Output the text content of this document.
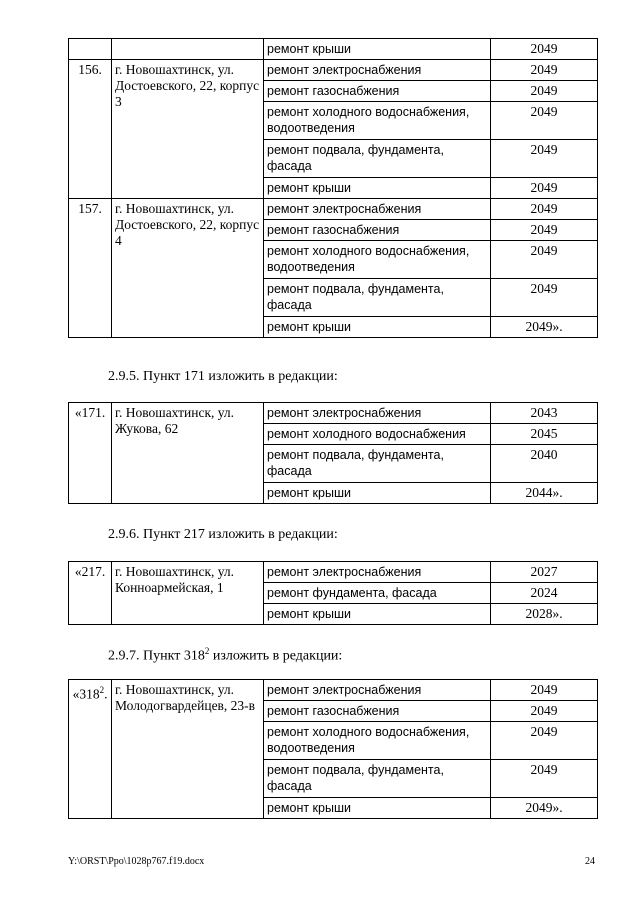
		ремонт крыши	2049
156.	г. Новошахтинск, ул. Достоевского, 22, корпус 3	ремонт электроснабжения	2049
		ремонт газоснабжения	2049
		ремонт холодного водоснабжения, водоотведения	2049
		ремонт подвала, фундамента, фасада	2049
		ремонт крыши	2049
157.	г. Новошахтинск, ул. Достоевского, 22, корпус 4	ремонт электроснабжения	2049
		ремонт газоснабжения	2049
		ремонт холодного водоснабжения, водоотведения	2049
		ремонт подвала, фундамента, фасада	2049
		ремонт крыши	2049».
2.9.5. Пункт 171 изложить в редакции:
«171.	г. Новошахтинск, ул. Жукова, 62	ремонт электроснабжения	2043
		ремонт холодного водоснабжения	2045
		ремонт подвала, фундамента, фасада	2040
		ремонт крыши	2044».
2.9.6. Пункт 217 изложить в редакции:
«217.	г. Новошахтинск, ул. Конноармейская, 1	ремонт электроснабжения	2027
		ремонт фундамента, фасада	2024
		ремонт крыши	2028».
2.9.7. Пункт $318^2$ изложить в редакции:
«$318^2$.	г. Новошахтинск, ул. Молодогвардейцев, 23-в	ремонт электроснабжения	2049
		ремонт газоснабжения	2049
		ремонт холодного водоснабжения, водоотведения	2049
		ремонт подвала, фундамента, фасада	2049
		ремонт крыши	2049».
Y:\ORST\Ppo\1028p767.f19.docx	24
